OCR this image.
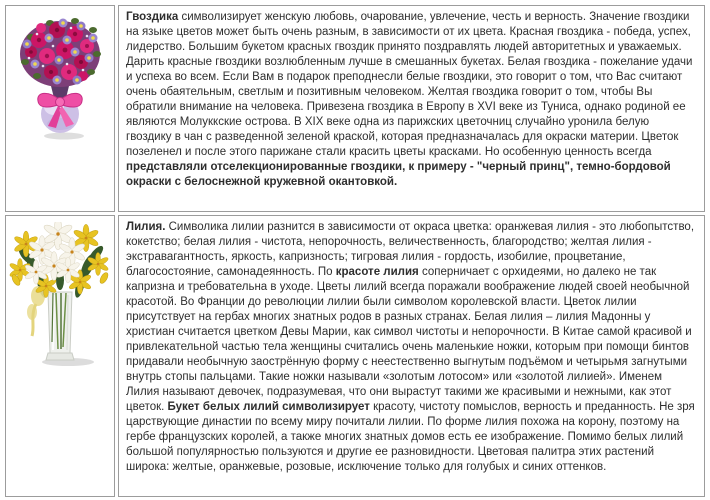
Гвоздика символизирует женскую любовь, очарование, увлечение, честь и верность. Значение гвоздики на языке цветов может быть очень разным, в зависимости от их цвета. Красная гвоздика - победа, успех, лидерство. Большим букетом красных гвоздик принято поздравлять людей авторитетных и уважаемых. Дарить красные гвоздики возлюбленным лучше в смешанных букетах. Белая гвоздика - пожелание удачи и успеха во всем. Если Вам в подарок преподнесли белые гвоздики, это говорит о том, что Вас считают очень обаятельным, светлым и позитивным человеком. Желтая гвоздика говорит о том, чтобы Вы обратили внимание на человека. Привезена гвоздика в Европу в XVI веке из Туниса, однако родиной ее являются Молуккские острова. В XIX веке одна из парижских цветочниц случайно уронила белую гвоздику в чан с разведенной зеленой краской, которая предназначалась для окраски материи. Цветок позеленел и после этого парижане стали красить цветы красками. Но особенную ценность всегда представляли отселекционированные гвоздики, к примеру - "черный принц", темно-бордовой окраски с белоснежной кружевной окантовкой.

Лилия. Символика лилии разнится в зависимости от окраса цветка: оранжевая лилия - это любопытство, кокетство; белая лилия - чистота, непорочность, величественность, благородство; желтая лилия - экстравагантность, яркость, капризность; тигровая лилия - гордость, изобилие, процветание, благосостояние, самонадеянность. По красоте лилия соперничает с орхидеями, но далеко не так капризна и требовательна в уходе. Цветы лилий всегда поражали воображение людей своей необычной красотой. Во Франции до революции лилии были символом королевской власти. Цветок лилии присутствует на гербах многих знатных родов в разных странах. Белая лилия – лилия Мадонны у христиан считается цветком Девы Марии, как символ чистоты и непорочности. В Китае самой красивой и привлекательной частью тела женщины считались очень маленькие ножки, которым при помощи бинтов придавали необычную заострённую форму с неестественно выгнутым подъёмом и четырьмя загнутыми внутрь стопы пальцами. Такие ножки называли «золотым лотосом» или «золотой лилией». Именем Лилия называют девочек, подразумевая, что они вырастут такими же красивыми и нежными, как этот цветок. Букет белых лилий символизирует красоту, чистоту помыслов, верность и преданность. Не зря царствующие династии по всему миру почитали лилии. По форме лилия похожа на корону, поэтому на гербе французских королей, а также многих знатных домов есть ее изображение. Помимо белых лилий большой популярностью пользуются и другие ее разновидности. Цветовая палитра этих растений широка: желтые, оранжевые, розовые, исключение только для голубых и синих оттенков.
